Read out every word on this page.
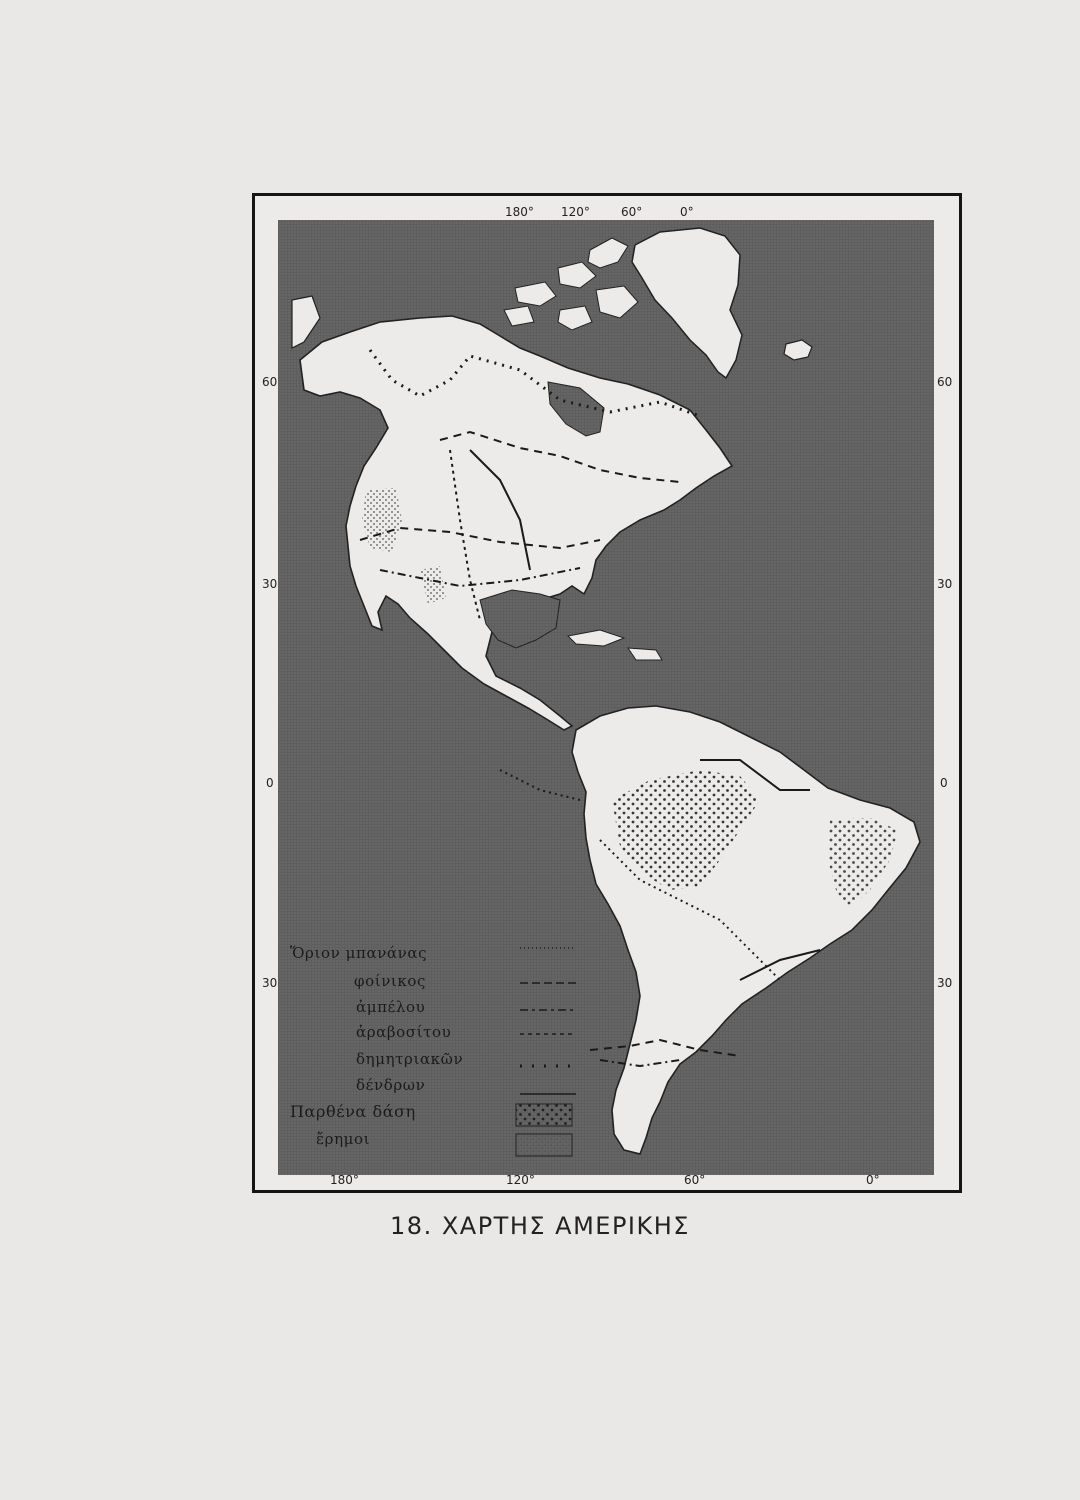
180° 120°	60°	0°
180°	120°	60°	0°
60
30
0
30
60
30
0
30
Ὅριον μπανάνας
φοίνικος
ἀμπέλου
ἀραβοσίτου
δημητριακῶν
δένδρων
Παρθένα δάση
ἔρημοι
18. ΧΑΡΤΗΣ ΑΜΕΡΙΚΗΣ
